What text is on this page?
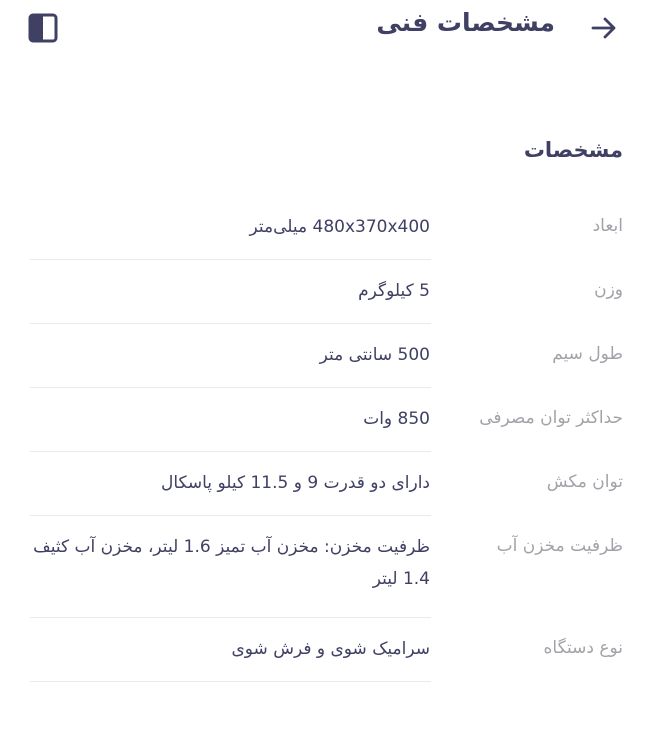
مشخصات فنی
مشخصات
ابعاد
480x370x400 میلی‌متر
وزن
5 کیلوگرم
طول سیم
500 سانتی متر
حداکثر توان مصرفی
850 وات
توان مکش
دارای دو قدرت 9 و 11.5 کیلو پاسکال
ظرفیت مخزن آب
ظرفیت مخزن: مخزن آب تمیز 1.6 لیتر، مخزن آب کثیف 1.4 لیتر
نوع دستگاه
سرامیک شوی و فرش شوی
